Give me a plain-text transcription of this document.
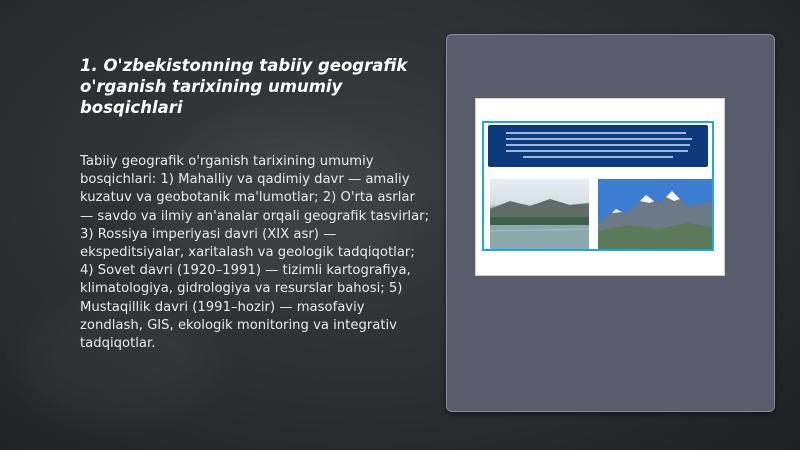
1. O'zbekistonning tabiiy geografik o'rganish tarixining umumiy bosqichlari
Tabiiy geografik o'rganish tarixining umumiy bosqichlari: 1) Mahalliy va qadimiy davr — amaliy kuzatuv va geobotanik ma'lumotlar; 2) O'rta asrlar — savdo va ilmiy an'analar orqali geografik tasvirlar; 3) Rossiya imperiyasi davri (XIX asr) — ekspeditsiyalar, xaritalash va geologik tadqiqotlar; 4) Sovet davri (1920–1991) — tizimli kartografiya, klimatologiya, gidrologiya va resurslar bahosi; 5) Mustaqillik davri (1991–hozir) — masofaviy zondlash, GIS, ekologik monitoring va integrativ tadqiqotlar.
